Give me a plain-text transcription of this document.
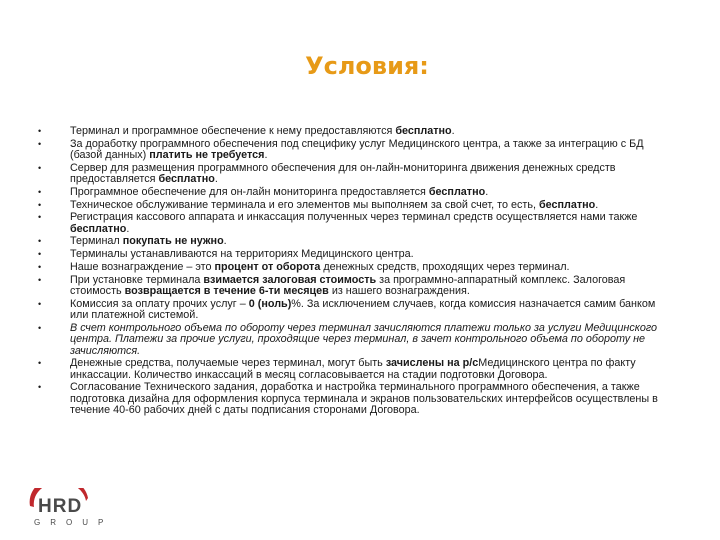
Условия:
•	Терминал и программное обеспечение к нему предоставляются бесплатно.
•	За доработку программного обеспечения под специфику услуг Медицинского центра, а также за интеграцию с БД (базой данных) платить не требуется.
•	Сервер для размещения программного обеспечения для он-лайн-мониторинга движения денежных средств предоставляется бесплатно.
•	Программное обеспечение для он-лайн мониторинга предоставляется бесплатно.
•	Техническое обслуживание терминала и его элементов мы выполняем за свой счет, то есть, бесплатно.
•	Регистрация кассового аппарата и инкассация полученных через терминал средств осуществляется нами также бесплатно.
•	Терминал покупать не нужно.
•	Терминалы устанавливаются на территориях Медицинского центра.
•	Наше вознаграждение – это процент от оборота денежных средств, проходящих через терминал.
•	При установке терминала взимается залоговая стоимость за программно-аппаратный комплекс. Залоговая стоимость возвращается в течение 6-ти месяцев из нашего вознаграждения.
•	Комиссия за оплату прочих услуг – 0 (ноль)%. За исключением случаев, когда комиссия назначается самим банком или платежной системой.
•	В счет контрольного объема по обороту через терминал зачисляются платежи только за услуги Медицинского центра. Платежи за прочие услуги, проходящие через терминал, в зачет контрольного объема по обороту не зачисляются.
•	Денежные средства, получаемые через терминал, могут быть зачислены на р/сМедицинского центра по факту инкассации. Количество инкассаций в месяц согласовывается на стадии подготовки Договора.
•	Согласование Технического задания, доработка и настройка терминального программного обеспечения, а также подготовка дизайна для оформления корпуса терминала и экранов пользовательских интерфейсов осуществлены в течение 40-60 рабочих дней с даты подписания сторонами Договора.
HRD
GROUP
